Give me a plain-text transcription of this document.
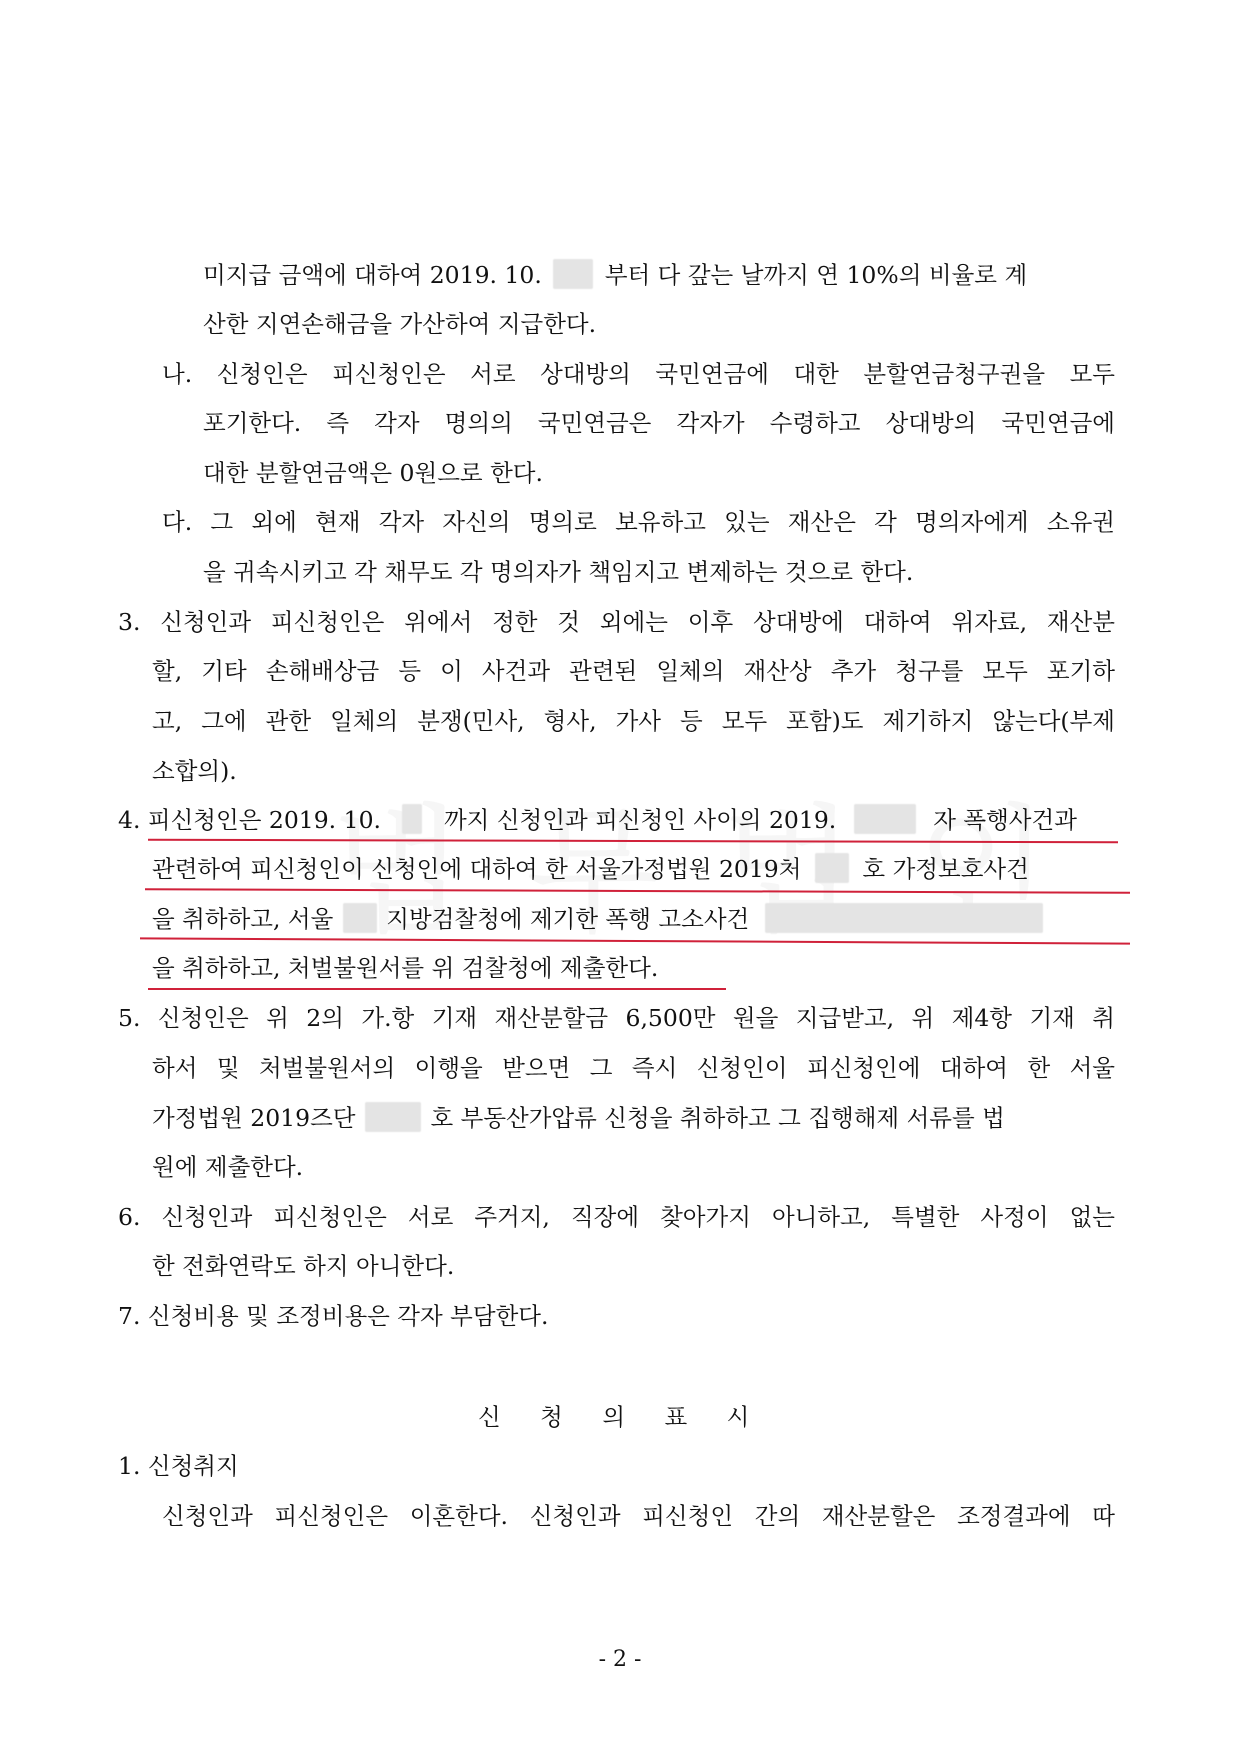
미지급 금액에 대하여 2019. 10.	부터 다 갚는 날까지 연 10%의 비율로 계
산한 지연손해금을 가산하여 지급한다.
나. 신청인은 피신청인은 서로 상대방의 국민연금에 대한 분할연금청구권을 모두
포기한다. 즉 각자 명의의 국민연금은 각자가 수령하고 상대방의 국민연금에
대한 분할연금액은 0원으로 한다.
다. 그 외에 현재 각자 자신의 명의로 보유하고 있는 재산은 각 명의자에게 소유권
을 귀속시키고 각 채무도 각 명의자가 책임지고 변제하는 것으로 한다.
3. 신청인과 피신청인은 위에서 정한 것 외에는 이후 상대방에 대하여 위자료, 재산분
할, 기타 손해배상금 등 이 사건과 관련된 일체의 재산상 추가 청구를 모두 포기하
고, 그에 관한 일체의 분쟁(민사, 형사, 가사 등 모두 포함)도 제기하지 않는다(부제
소합의).
4. 피신청인은 2019. 10.	까지 신청인과 피신청인 사이의 2019.	자 폭행사건과
관련하여 피신청인이 신청인에 대하여 한 서울가정법원 2019처	호 가정보호사건
을 취하하고, 서울 지방검찰청에 제기한 폭행 고소사건
을 취하하고, 처벌불원서를 위 검찰청에 제출한다.
5. 신청인은 위 2의 가.항 기재 재산분할금 6,500만 원을 지급받고, 위 제4항 기재 취
하서 및 처벌불원서의 이행을 받으면 그 즉시 신청인이 피신청인에 대하여 한 서울
가정법원 2019즈단	호 부동산가압류 신청을 취하하고 그 집행해제 서류를 법
원에 제출한다.
6. 신청인과 피신청인은 서로 주거지, 직장에 찾아가지 아니하고, 특별한 사정이 없는
한 전화연락도 하지 아니한다.
7. 신청비용 및 조정비용은 각자 부담한다.
신 청 의 표 시
1. 신청취지
신청인과 피신청인은 이혼한다. 신청인과 피신청인 간의 재산분할은 조정결과에 따
- 2 -
